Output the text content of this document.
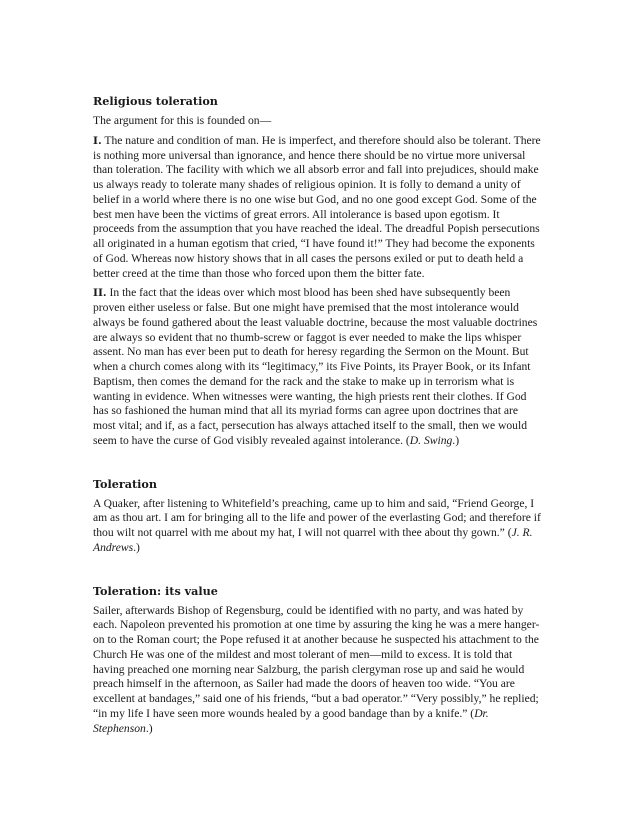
Religious toleration

The argument for this is founded on—

I. The nature and condition of man. He is imperfect, and therefore should also be tolerant. There is nothing more universal than ignorance, and hence there should be no virtue more universal than toleration. The facility with which we all absorb error and fall into prejudices, should make us always ready to tolerate many shades of religious opinion. It is folly to demand a unity of belief in a world where there is no one wise but God, and no one good except God. Some of the best men have been the victims of great errors. All intolerance is based upon egotism. It proceeds from the assumption that you have reached the ideal. The dreadful Popish persecutions all originated in a human egotism that cried, “I have found it!” They had become the exponents of God. Whereas now history shows that in all cases the persons exiled or put to death held a better creed at the time than those who forced upon them the bitter fate.

II. In the fact that the ideas over which most blood has been shed have subsequently been proven either useless or false. But one might have premised that the most intolerance would always be found gathered about the least valuable doctrine, because the most valuable doctrines are always so evident that no thumb-screw or faggot is ever needed to make the lips whisper assent. No man has ever been put to death for heresy regarding the Sermon on the Mount. But when a church comes along with its “legitimacy,” its Five Points, its Prayer Book, or its Infant Baptism, then comes the demand for the rack and the stake to make up in terrorism what is wanting in evidence. When witnesses were wanting, the high priests rent their clothes. If God has so fashioned the human mind that all its myriad forms can agree upon doctrines that are most vital; and if, as a fact, persecution has always attached itself to the small, then we would seem to have the curse of God visibly revealed against intolerance. (D. Swing.)

Toleration

A Quaker, after listening to Whitefield’s preaching, came up to him and said, “Friend George, I am as thou art. I am for bringing all to the life and power of the everlasting God; and therefore if thou wilt not quarrel with me about my hat, I will not quarrel with thee about thy gown.” (J. R. Andrews.)

Toleration: its value

Sailer, afterwards Bishop of Regensburg, could be identified with no party, and was hated by each. Napoleon prevented his promotion at one time by assuring the king he was a mere hanger-on to the Roman court; the Pope refused it at another because he suspected his attachment to the Church He was one of the mildest and most tolerant of men—mild to excess. It is told that having preached one morning near Salzburg, the parish clergyman rose up and said he would preach himself in the afternoon, as Sailer had made the doors of heaven too wide. “You are excellent at bandages,” said one of his friends, “but a bad operator.” “Very possibly,” he replied; “in my life I have seen more wounds healed by a good bandage than by a knife.” (Dr. Stephenson.)
